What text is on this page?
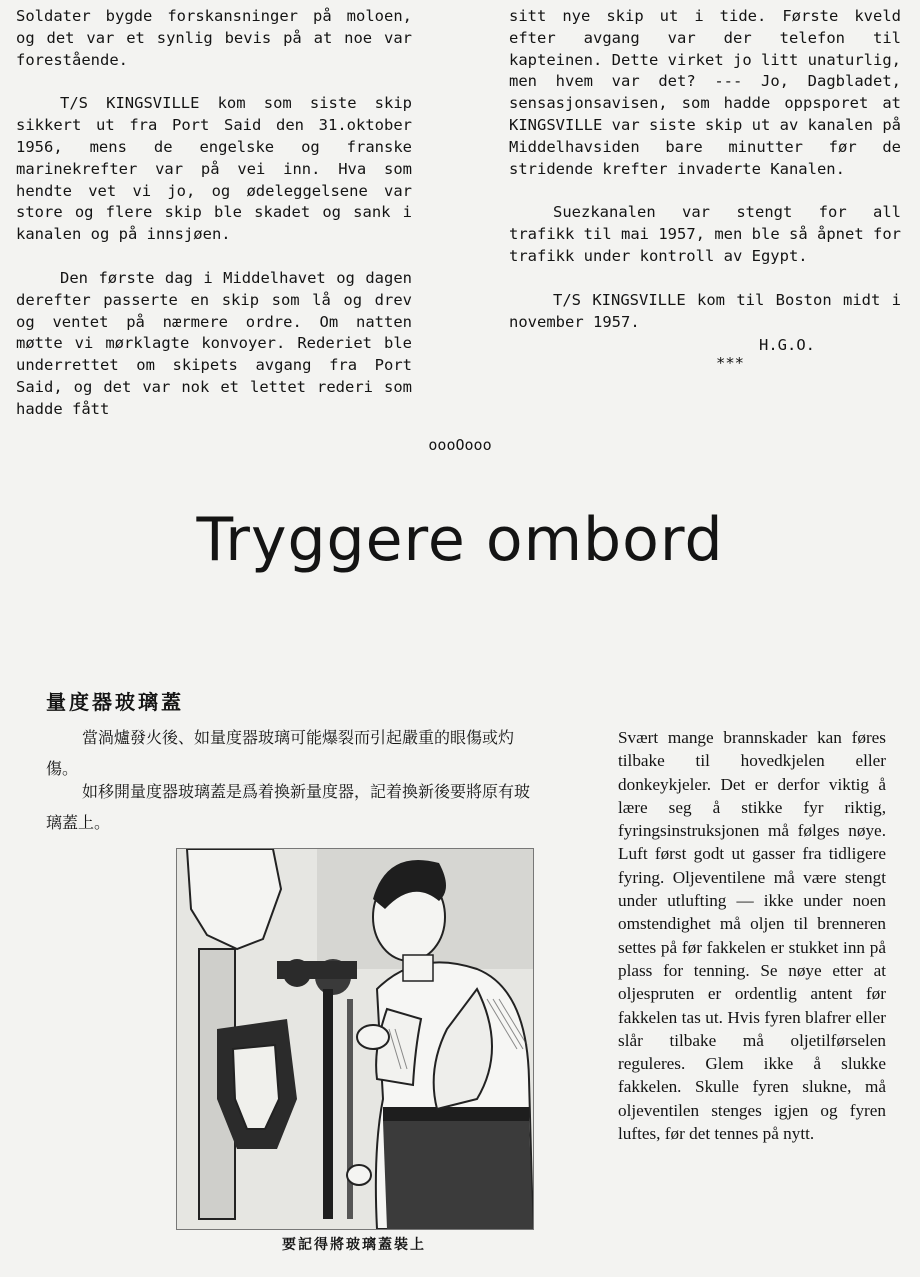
Soldater bygde forskansninger på moloen, og det var et synlig bevis på at noe var forestående.

T/S KINGSVILLE kom som siste skip sikkert ut fra Port Said den 31.oktober 1956, mens de engelske og franske marinekrefter var på vei inn. Hva som hendte vet vi jo, og ødeleggelsene var store og flere skip ble skadet og sank i kanalen og på innsjøen.

Den første dag i Middelhavet og dagen derefter passerte en skip som lå og drev og ventet på nærmere ordre. Om natten møtte vi mørklagte konvoyer. Rederiet ble underrettet om skipets avgang fra Port Said, og det var nok et lettet rederi som hadde fått

sitt nye skip ut i tide. Første kveld efter avgang var der telefon til kapteinen. Dette virket jo litt unaturlig, men hvem var det? --- Jo, Dagbladet, sensasjonsavisen, som hadde oppsporet at KINGSVILLE var siste skip ut av kanalen på Middelhavsiden bare minutter før de stridende krefter invaderte Kanalen.

Suezkanalen var stengt for all trafikk til mai 1957, men ble så åpnet for trafikk under kontroll av Egypt.

T/S KINGSVILLE kom til Boston midt i november 1957.

H.G.O.
***
oooOooo
Tryggere ombord
量度器玻璃蓋

當渦爐發火後、如量度器玻璃可能爆裂而引起嚴重的眼傷或灼傷。

如移開量度器玻璃蓋是爲着換新量度器，記着換新後要將原有玻璃蓋上。

要記得將玻璃蓋裝上

Svært mange brannskader kan føres tilbake til hovedkjelen eller donkeykjeler. Det er derfor viktig å lære seg å stikke fyr riktig, fyringsinstruksjonen må følges nøye. Luft først godt ut gasser fra tidligere fyring. Oljeventilene må være stengt under utlufting — ikke under noen omstendighet må oljen til brenneren settes på før fakkelen er stukket inn på plass for tenning. Se nøye etter at oljespruten er ordentlig antent før fakkelen tas ut. Hvis fyren blafrer eller slår tilbake må oljetilførselen reguleres. Glem ikke å slukke fakkelen. Skulle fyren slukne, må oljeventilen stenges igjen og fyren luftes, før det tennes på nytt.
